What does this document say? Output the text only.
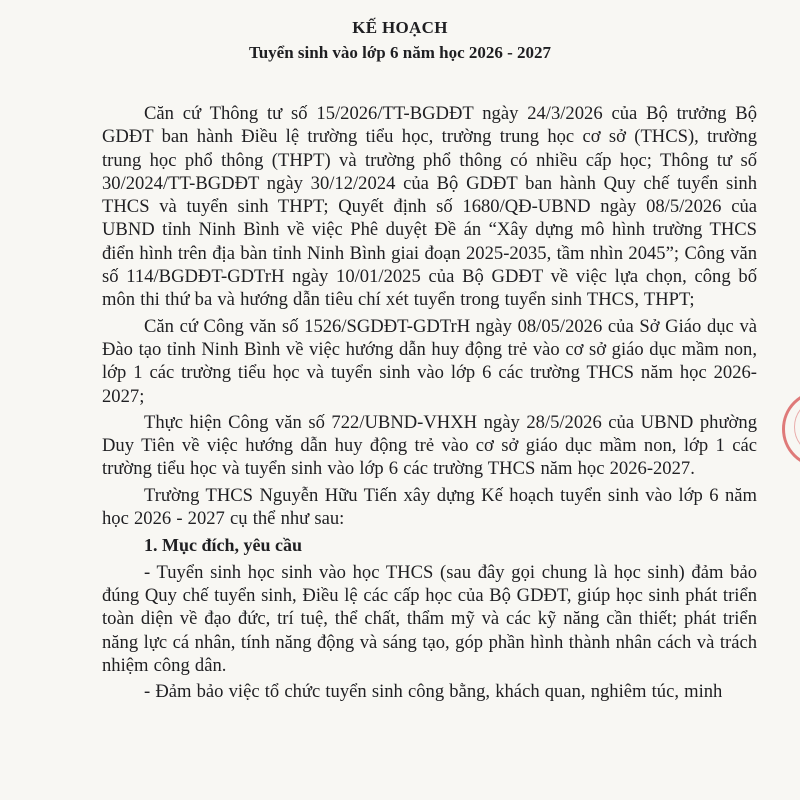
KẾ HOẠCH
Tuyển sinh vào lớp 6 năm học 2026 - 2027

Căn cứ Thông tư số 15/2026/TT-BGDĐT ngày 24/3/2026 của Bộ trưởng Bộ GDĐT ban hành Điều lệ trường tiểu học, trường trung học cơ sở (THCS), trường trung học phổ thông (THPT) và trường phổ thông có nhiều cấp học; Thông tư số 30/2024/TT-BGDĐT ngày 30/12/2024 của Bộ GDĐT ban hành Quy chế tuyển sinh THCS và tuyển sinh THPT; Quyết định số 1680/QĐ-UBND ngày 08/5/2026 của UBND tỉnh Ninh Bình về việc Phê duyệt Đề án “Xây dựng mô hình trường THCS điển hình trên địa bàn tỉnh Ninh Bình giai đoạn 2025-2035, tầm nhìn 2045”; Công văn số 114/BGDĐT-GDTrH ngày 10/01/2025 của Bộ GDĐT về việc lựa chọn, công bố môn thi thứ ba và hướng dẫn tiêu chí xét tuyển trong tuyển sinh THCS, THPT;

Căn cứ Công văn số 1526/SGDĐT-GDTrH ngày 08/05/2026 của Sở Giáo dục và Đào tạo tỉnh Ninh Bình về việc hướng dẫn huy động trẻ vào cơ sở giáo dục mầm non, lớp 1 các trường tiểu học và tuyển sinh vào lớp 6 các trường THCS năm học 2026-2027;

Thực hiện Công văn số 722/UBND-VHXH ngày 28/5/2026 của UBND phường Duy Tiên về việc hướng dẫn huy động trẻ vào cơ sở giáo dục mầm non, lớp 1 các trường tiểu học và tuyển sinh vào lớp 6 các trường THCS năm học 2026-2027.

Trường THCS Nguyễn Hữu Tiến xây dựng Kế hoạch tuyển sinh vào lớp 6 năm học 2026 - 2027 cụ thể như sau:

1. Mục đích, yêu cầu

- Tuyển sinh học sinh vào học THCS (sau đây gọi chung là học sinh) đảm bảo đúng Quy chế tuyển sinh, Điều lệ các cấp học của Bộ GDĐT, giúp học sinh phát triển toàn diện về đạo đức, trí tuệ, thể chất, thẩm mỹ và các kỹ năng cần thiết; phát triển năng lực cá nhân, tính năng động và sáng tạo, góp phần hình thành nhân cách và trách nhiệm công dân.

- Đảm bảo việc tổ chức tuyển sinh công bằng, khách quan, nghiêm túc, minh
